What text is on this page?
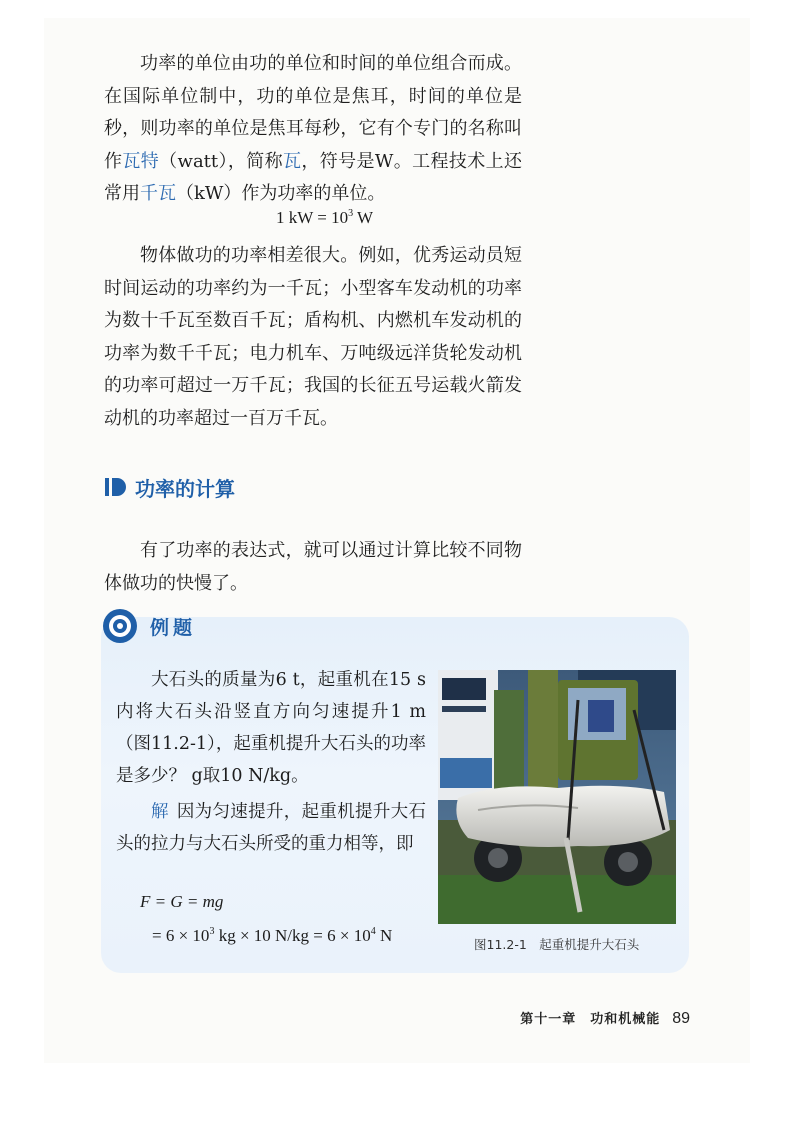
功率的单位由功的单位和时间的单位组合而成。在国际单位制中，功的单位是焦耳，时间的单位是秒，则功率的单位是焦耳每秒，它有个专门的名称叫作瓦特（watt），简称瓦，符号是W。工程技术上还常用千瓦（kW）作为功率的单位。

1 kW = $10^3$ W

物体做功的功率相差很大。例如，优秀运动员短时间运动的功率约为一千瓦；小型客车发动机的功率为数十千瓦至数百千瓦；盾构机、内燃机车发动机的功率为数千千瓦；电力机车、万吨级远洋货轮发动机的功率可超过一万千瓦；我国的长征五号运载火箭发动机的功率超过一百万千瓦。

功率的计算

有了功率的表达式，就可以通过计算比较不同物体做功的快慢了。

例题

大石头的质量为6 t，起重机在15 s内将大石头沿竖直方向匀速提升1 m（图11.2-1），起重机提升大石头的功率是多少？ g取10 N/kg。

解 因为匀速提升，起重机提升大石头的拉力与大石头所受的重力相等，即

F = G = mg
= $6 \times 10^3$ kg × 10 $N/kg = 6 \times 10^4$ N	图11.2-1　起重机提升大石头
第十一章　功和机械能 89
